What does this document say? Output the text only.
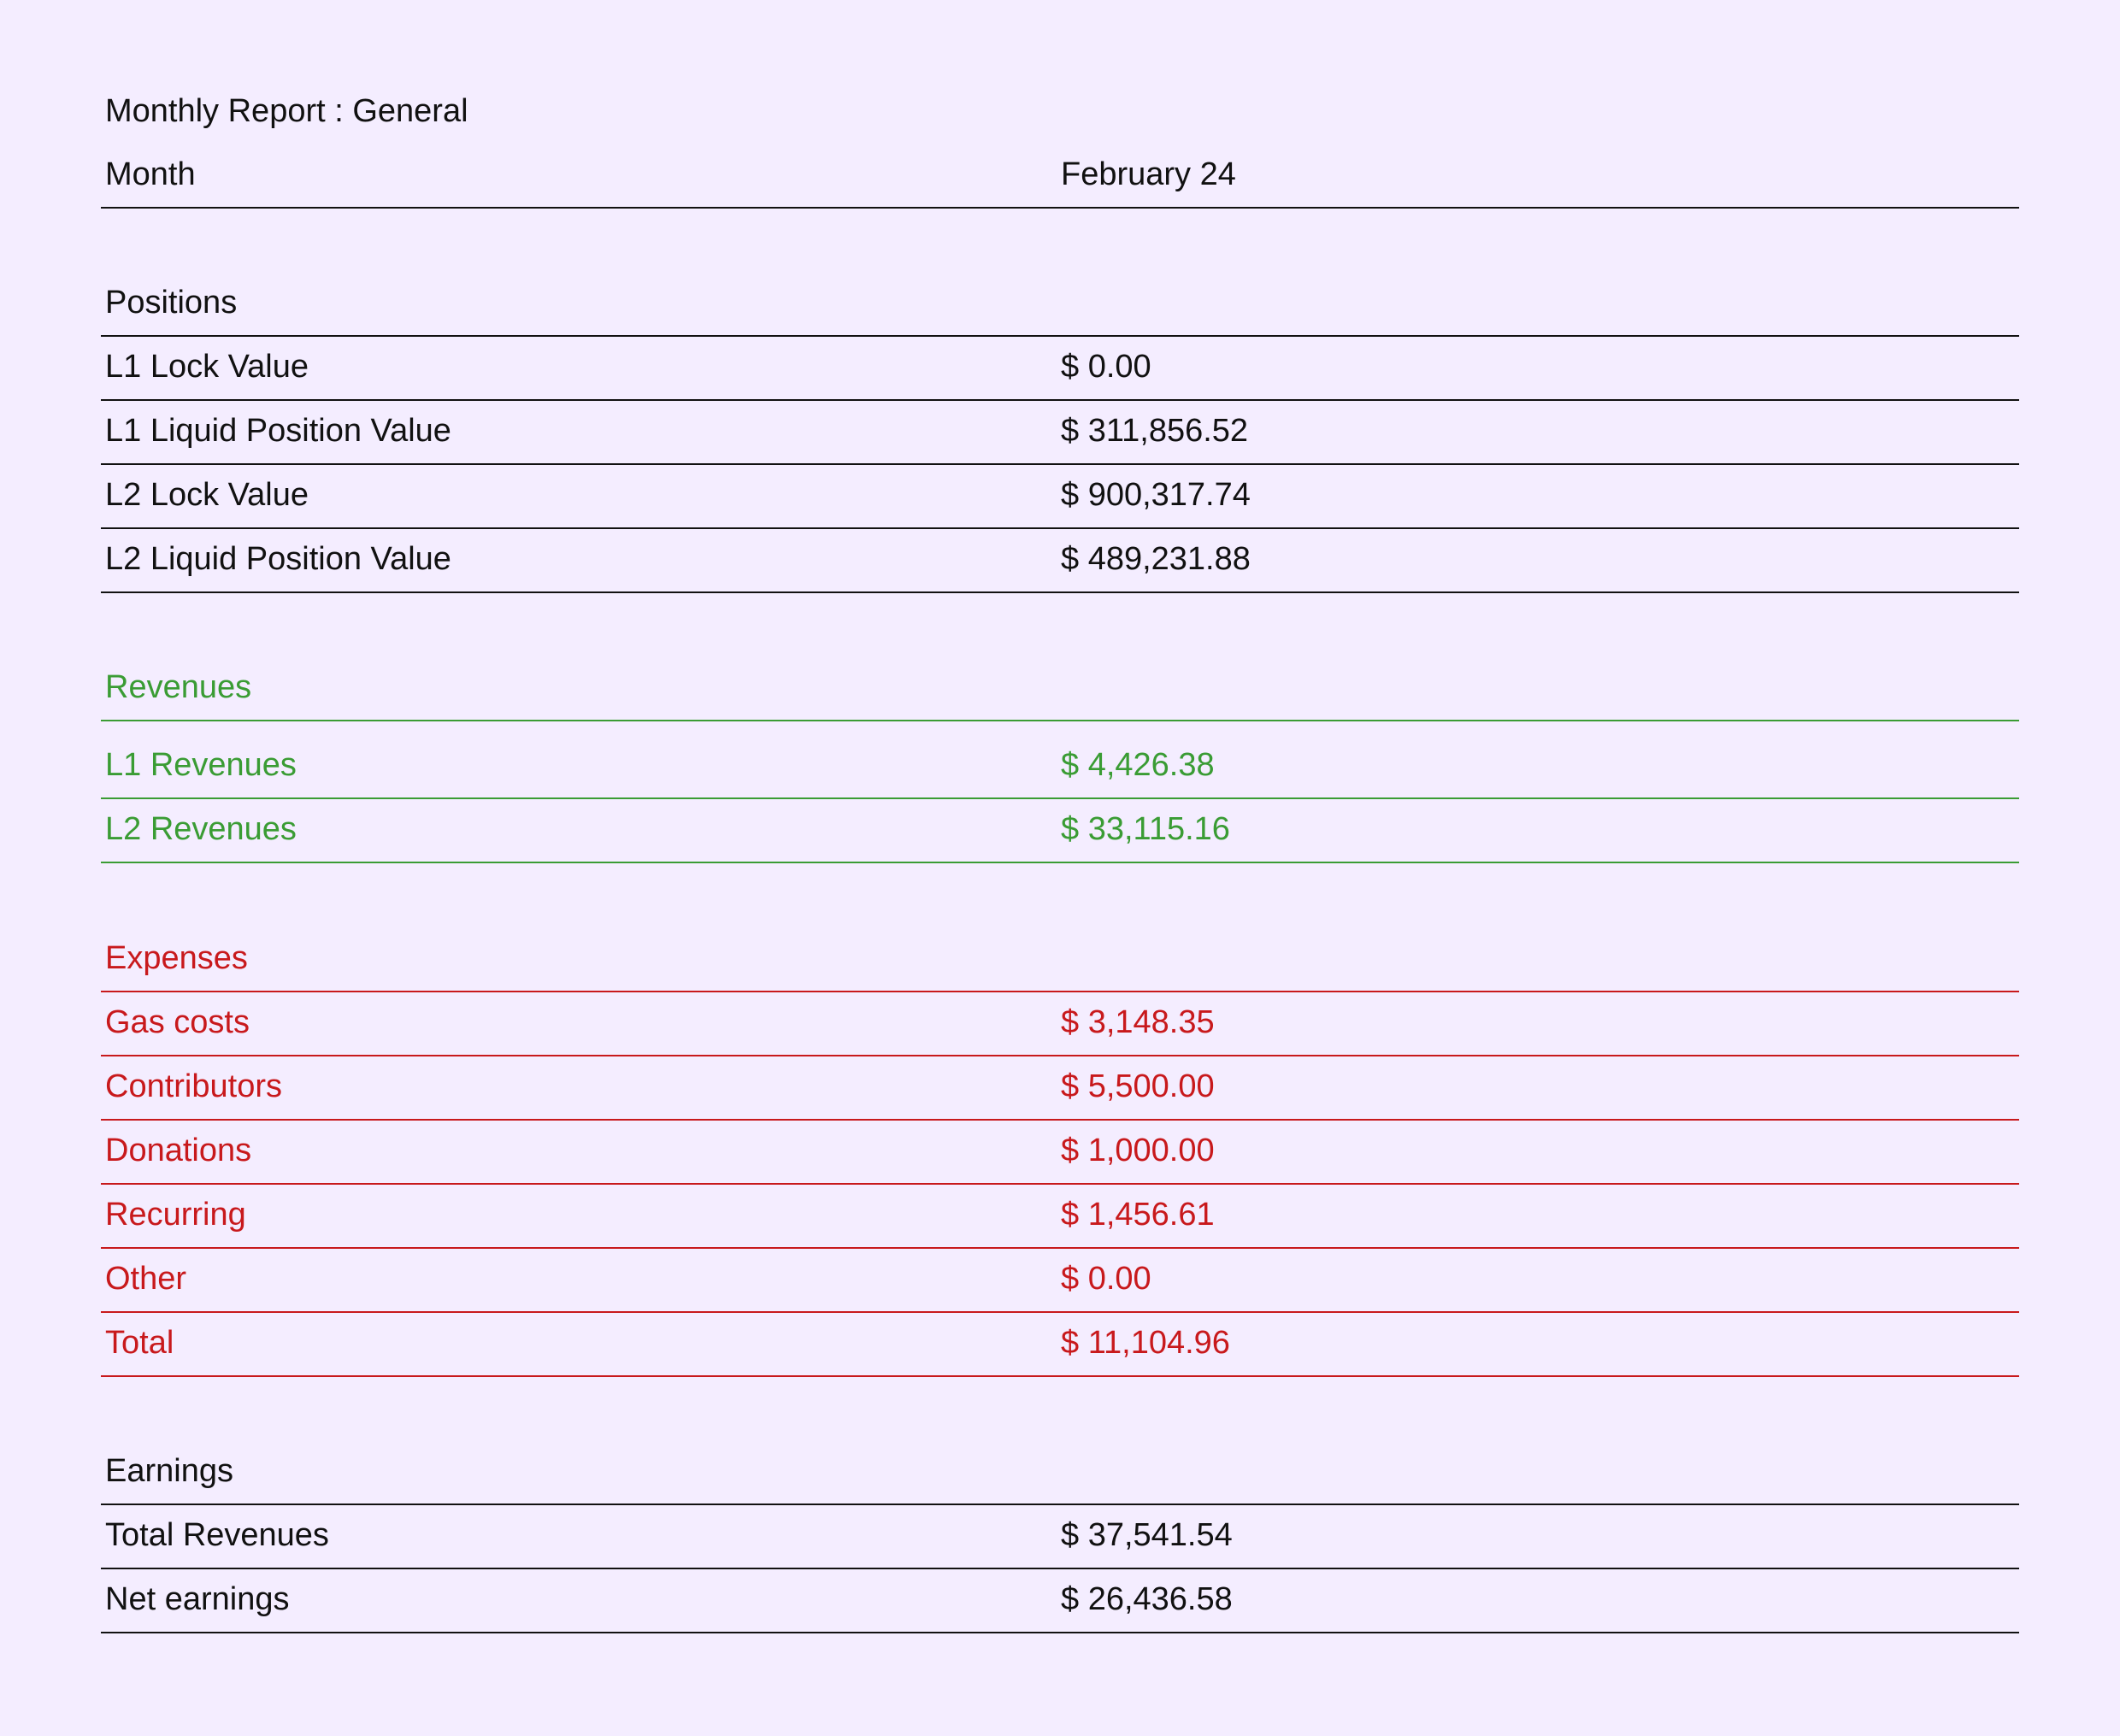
Monthly Report : General
Month	February 24
Positions
L1 Lock Value	$ 0.00
L1 Liquid Position Value	$ 311,856.52
L2 Lock Value	$ 900,317.74
L2 Liquid Position Value	$ 489,231.88
Revenues
L1 Revenues	$ 4,426.38
L2 Revenues	$ 33,115.16
Expenses
Gas costs	$ 3,148.35
Contributors	$ 5,500.00
Donations	$ 1,000.00
Recurring	$ 1,456.61
Other	$ 0.00
Total	$ 11,104.96
Earnings
Total Revenues	$ 37,541.54
Net earnings	$ 26,436.58
